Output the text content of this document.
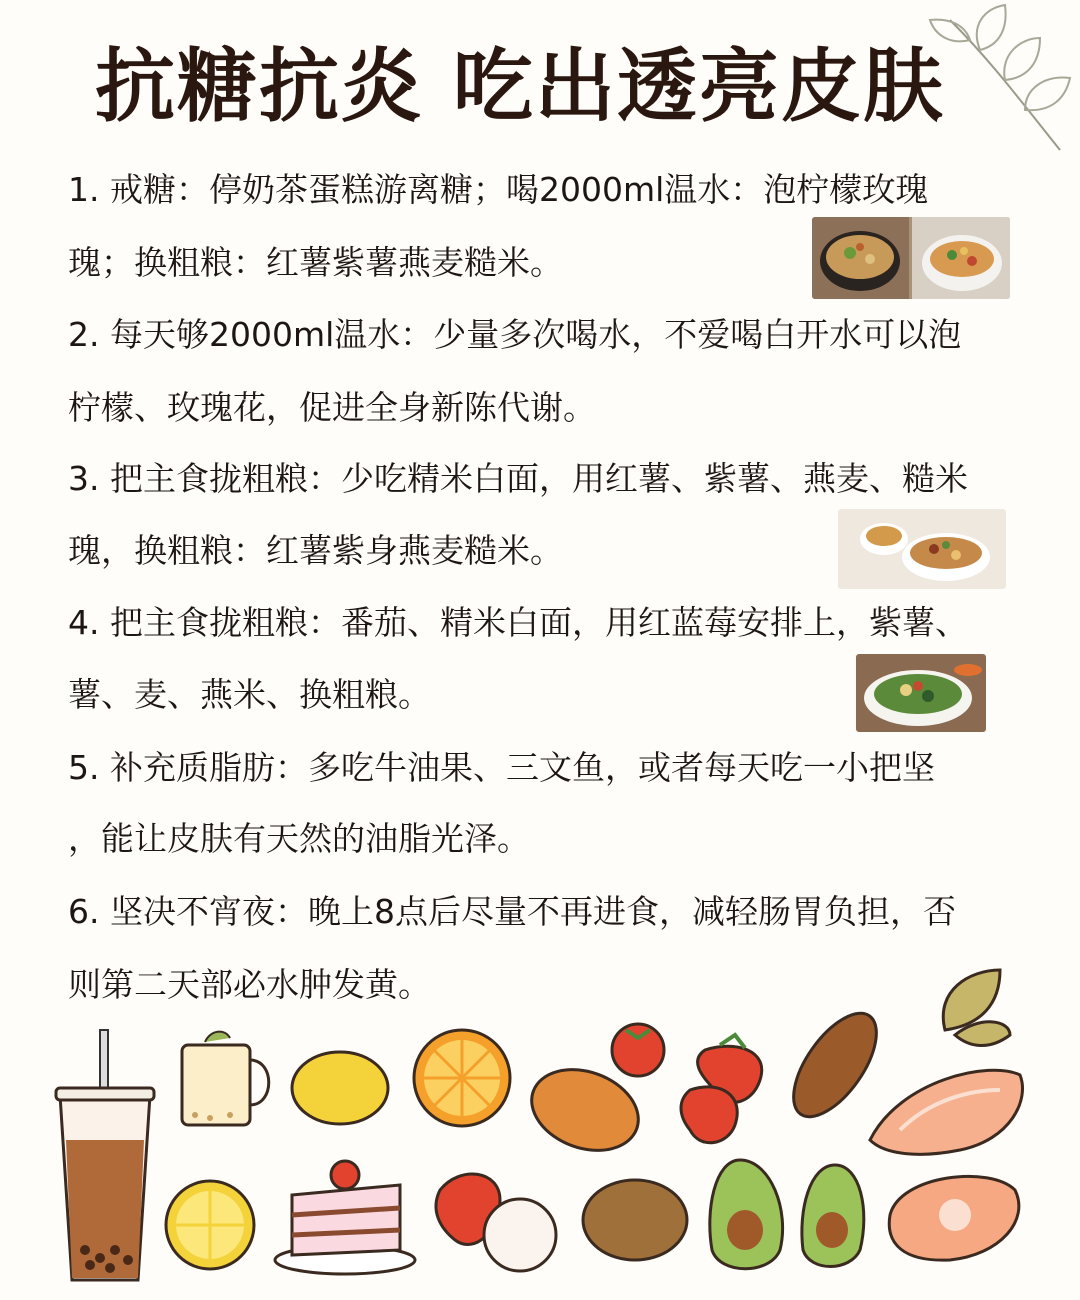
抗糖抗炎 吃出透亮皮肤
1. 戒糖：停奶茶蛋糕游离糖；喝2000ml温水：泡柠檬玫瑰
瑰；换粗粮：红薯紫薯燕麦糙米。
2. 每天够2000ml温水：少量多次喝水，不爱喝白开水可以泡
柠檬、玫瑰花，促进全身新陈代谢。
3. 把主食拢粗粮：少吃精米白面，用红薯、紫薯、燕麦、糙米
瑰，换粗粮：红薯紫身燕麦糙米。
4. 把主食拢粗粮：番茄、精米白面，用红蓝莓安排上，紫薯、
薯、麦、燕米、换粗粮。
5. 补充质脂肪：多吃牛油果、三文鱼，或者每天吃一小把坚
，能让皮肤有天然的油脂光泽。
6. 坚决不宵夜：晚上8点后尽量不再进食，减轻肠胃负担，否
则第二天部必水肿发黄。
